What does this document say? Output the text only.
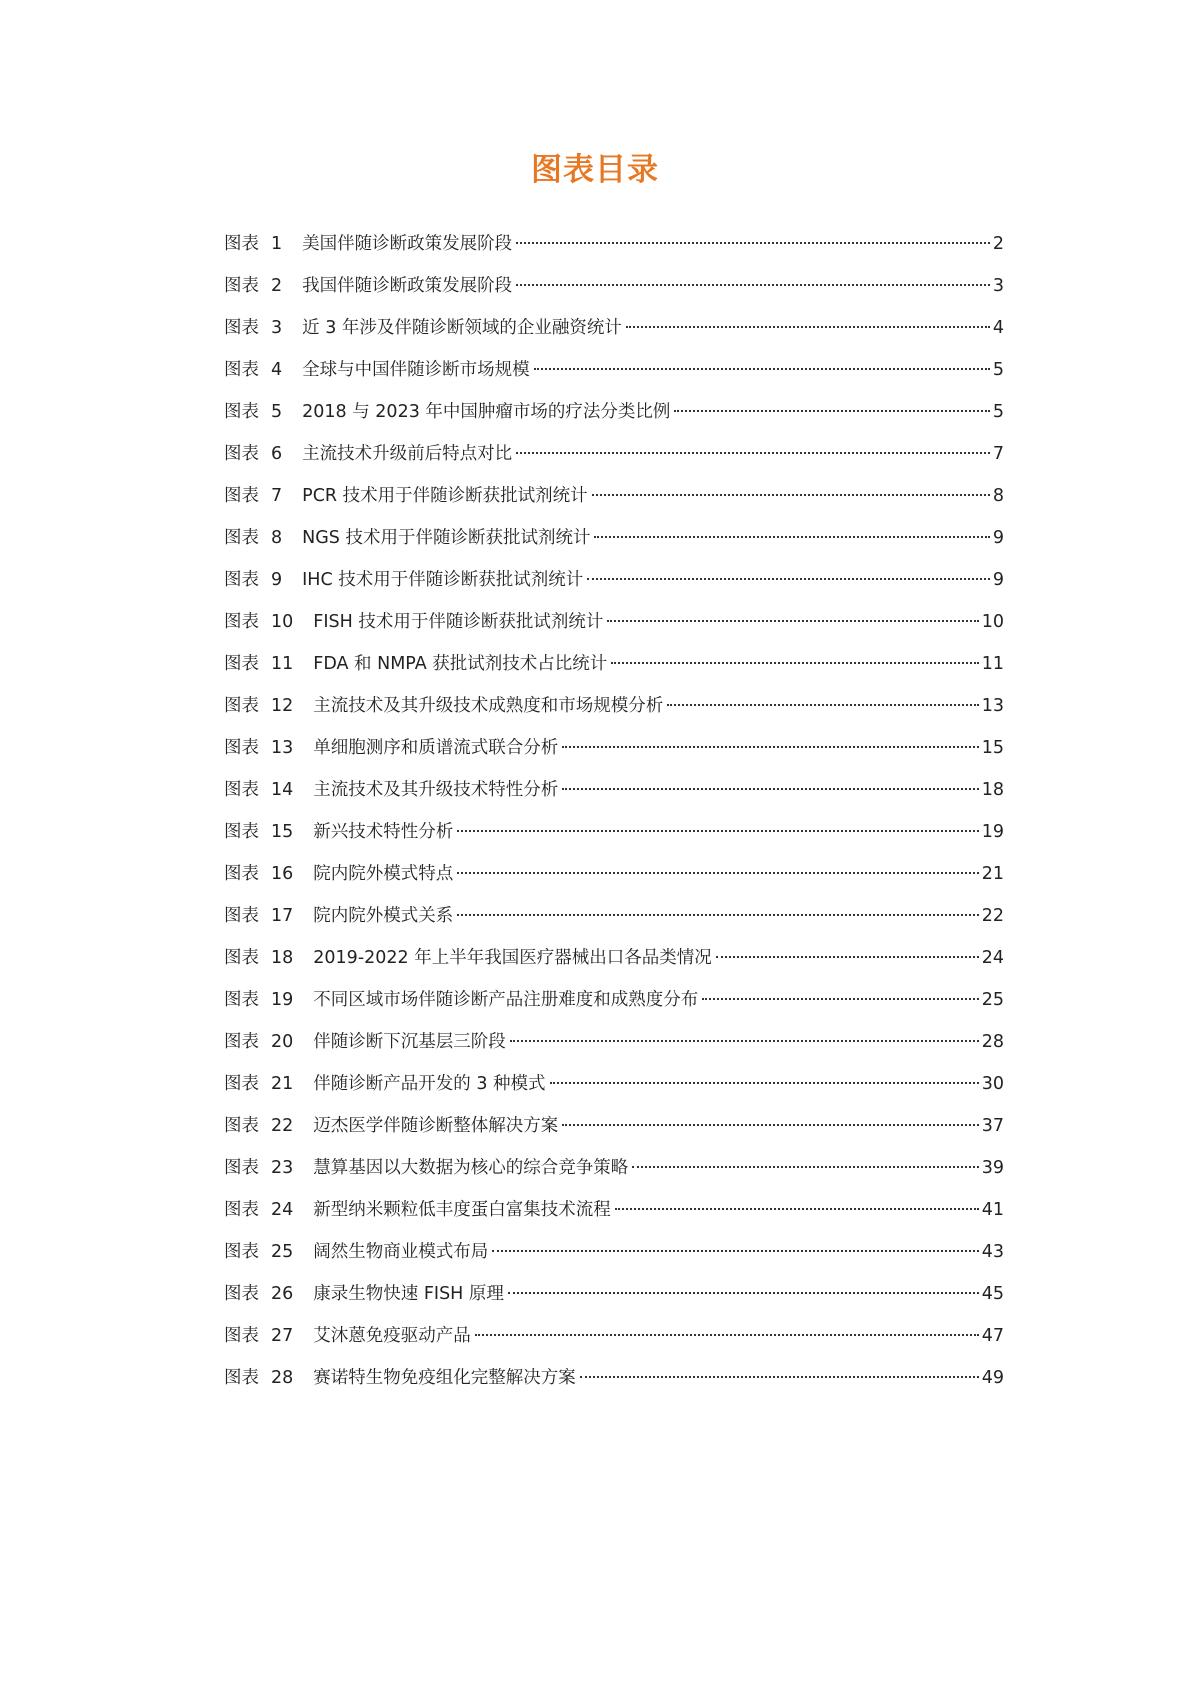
图表目录
图表 1 美国伴随诊断政策发展阶段	2
图表 2 我国伴随诊断政策发展阶段	3
图表 3 近 3 年涉及伴随诊断领域的企业融资统计	4
图表 4 全球与中国伴随诊断市场规模	5
图表 5 2018 与 2023 年中国肿瘤市场的疗法分类比例	5
图表 6 主流技术升级前后特点对比	7
图表 7 PCR 技术用于伴随诊断获批试剂统计	8
图表 8 NGS 技术用于伴随诊断获批试剂统计	9
图表 9 IHC 技术用于伴随诊断获批试剂统计	9
图表 10 FISH 技术用于伴随诊断获批试剂统计	10
图表 11 FDA 和 NMPA 获批试剂技术占比统计	11
图表 12 主流技术及其升级技术成熟度和市场规模分析	13
图表 13 单细胞测序和质谱流式联合分析	15
图表 14 主流技术及其升级技术特性分析	18
图表 15 新兴技术特性分析	19
图表 16 院内院外模式特点	21
图表 17 院内院外模式关系	22
图表 18 2019-2022 年上半年我国医疗器械出口各品类情况	24
图表 19 不同区域市场伴随诊断产品注册难度和成熟度分布	25
图表 20 伴随诊断下沉基层三阶段	28
图表 21 伴随诊断产品开发的 3 种模式	30
图表 22 迈杰医学伴随诊断整体解决方案	37
图表 23 慧算基因以大数据为核心的综合竞争策略	39
图表 24 新型纳米颗粒低丰度蛋白富集技术流程	41
图表 25 阔然生物商业模式布局	43
图表 26 康录生物快速 FISH 原理	45
图表 27 艾沐蒽免疫驱动产品	47
图表 28 赛诺特生物免疫组化完整解决方案	49
